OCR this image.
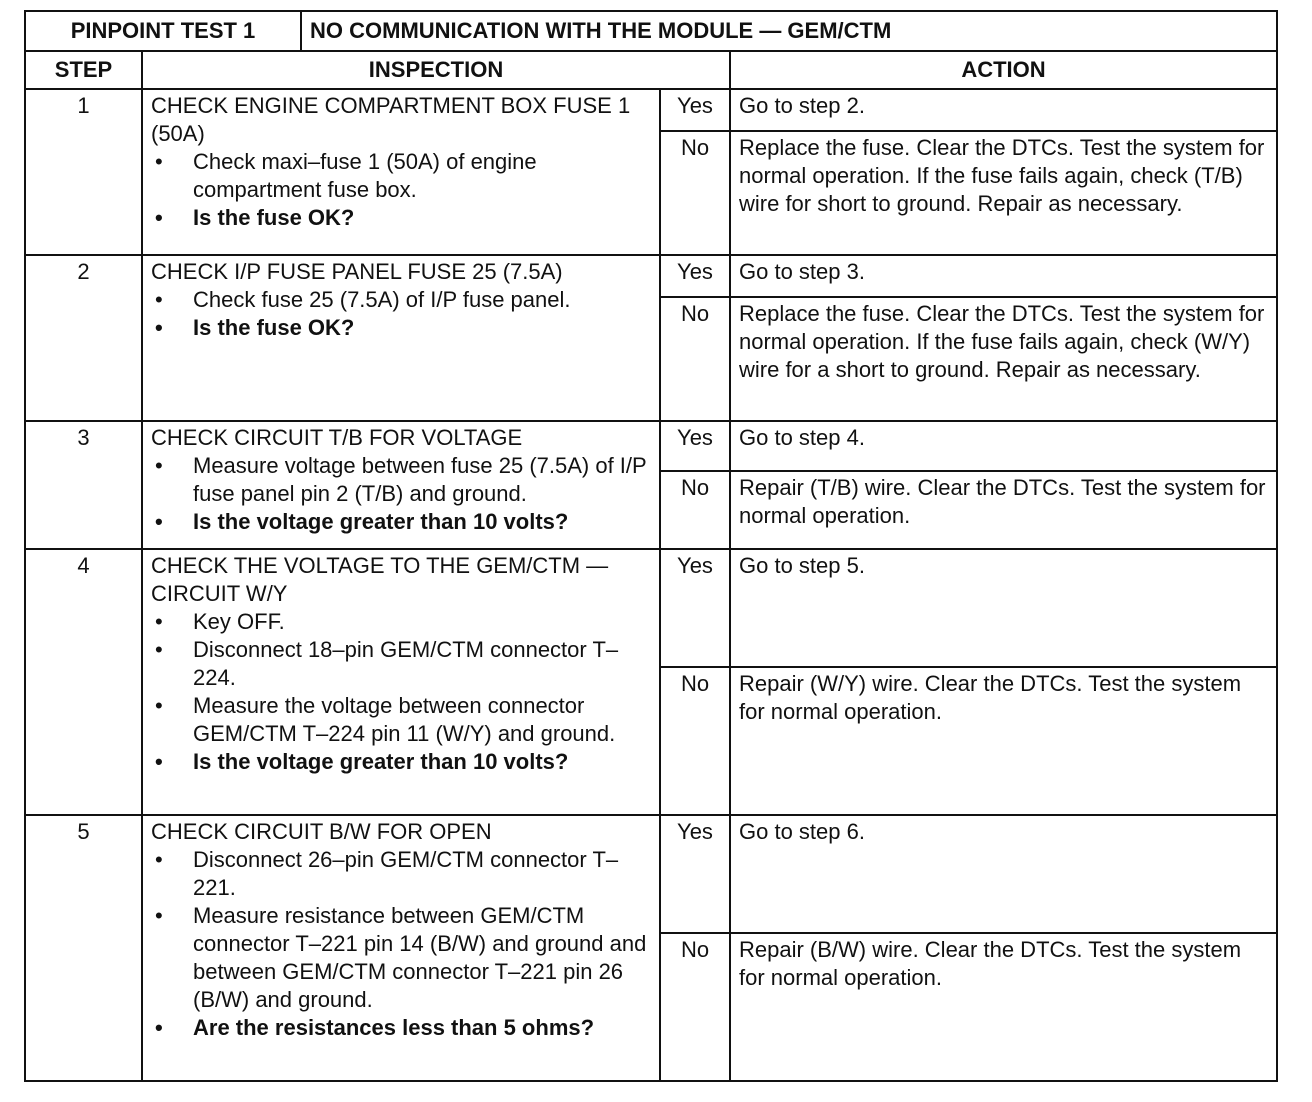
PINPOINT TEST 1	NO COMMUNICATION WITH THE MODULE — GEM/CTM

STEP	INSPECTION	ACTION
1	CHECK ENGINE COMPARTMENT BOX FUSE 1 (50A)
• Check maxi–fuse 1 (50A) of engine compartment fuse box.
• Is the fuse OK?
	Yes	Go to step 2.
No	Replace the fuse. Clear the DTCs. Test the system for normal operation. If the fuse fails again, check (T/B) wire for short to ground. Repair as necessary.
2	CHECK I/P FUSE PANEL FUSE 25 (7.5A)
• Check fuse 25 (7.5A) of I/P fuse panel.
• Is the fuse OK?
	Yes	Go to step 3.
No	Replace the fuse. Clear the DTCs. Test the system for normal operation. If the fuse fails again, check (W/Y) wire for a short to ground. Repair as necessary.
3	CHECK CIRCUIT T/B FOR VOLTAGE
• Measure voltage between fuse 25 (7.5A) of I/P fuse panel pin 2 (T/B) and ground.
• Is the voltage greater than 10 volts?
	Yes	Go to step 4.
No	Repair (T/B) wire. Clear the DTCs. Test the system for normal operation.
4	CHECK THE VOLTAGE TO THE GEM/CTM — CIRCUIT W/Y
• Key OFF.
• Disconnect 18–pin GEM/CTM connector T–224.
• Measure the voltage between connector GEM/CTM T–224 pin 11 (W/Y) and ground.
• Is the voltage greater than 10 volts?
	Yes	Go to step 5.
No	Repair (W/Y) wire. Clear the DTCs. Test the system for normal operation.
5	CHECK CIRCUIT B/W FOR OPEN
• Disconnect 26–pin GEM/CTM connector T–221.
• Measure resistance between GEM/CTM connector T–221 pin 14 (B/W) and ground and between GEM/CTM connector T–221 pin 26 (B/W) and ground.
• Are the resistances less than 5 ohms?
	Yes	Go to step 6.
No	Repair (B/W) wire. Clear the DTCs. Test the system for normal operation.
